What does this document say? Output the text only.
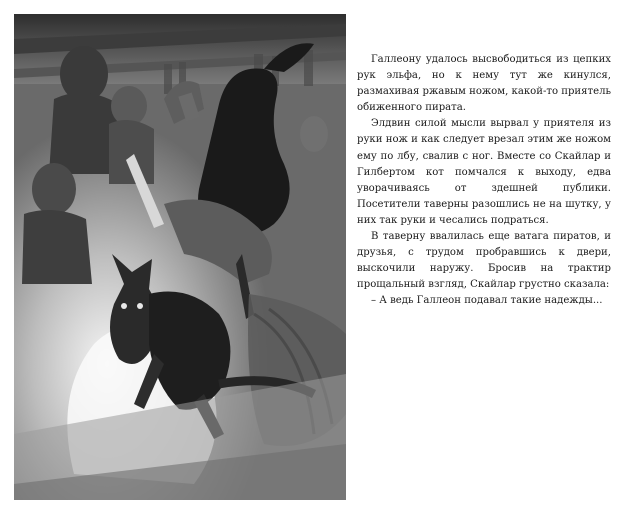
Галлеону удалось высвободиться из цепких рук эльфа, но к нему тут же кинулся, размахивая ржавым ножом, какой-то приятель обиженного пирата.

Элдвин силой мысли вырвал у приятеля из руки нож и как следует врезал этим же ножом ему по лбу, свалив с ног. Вместе со Скайлар и Гилбертом кот помчался к выходу, едва уворачиваясь от здешней публики. Посетители таверны разошлись не на шутку, у них так руки и чесались подраться.

В таверну ввалилась еще ватага пиратов, и друзья, с трудом пробравшись к двери, выскочили наружу. Бросив на трактир прощальный взгляд, Скайлар грустно сказала:

– А ведь Галлеон подавал такие надежды...
